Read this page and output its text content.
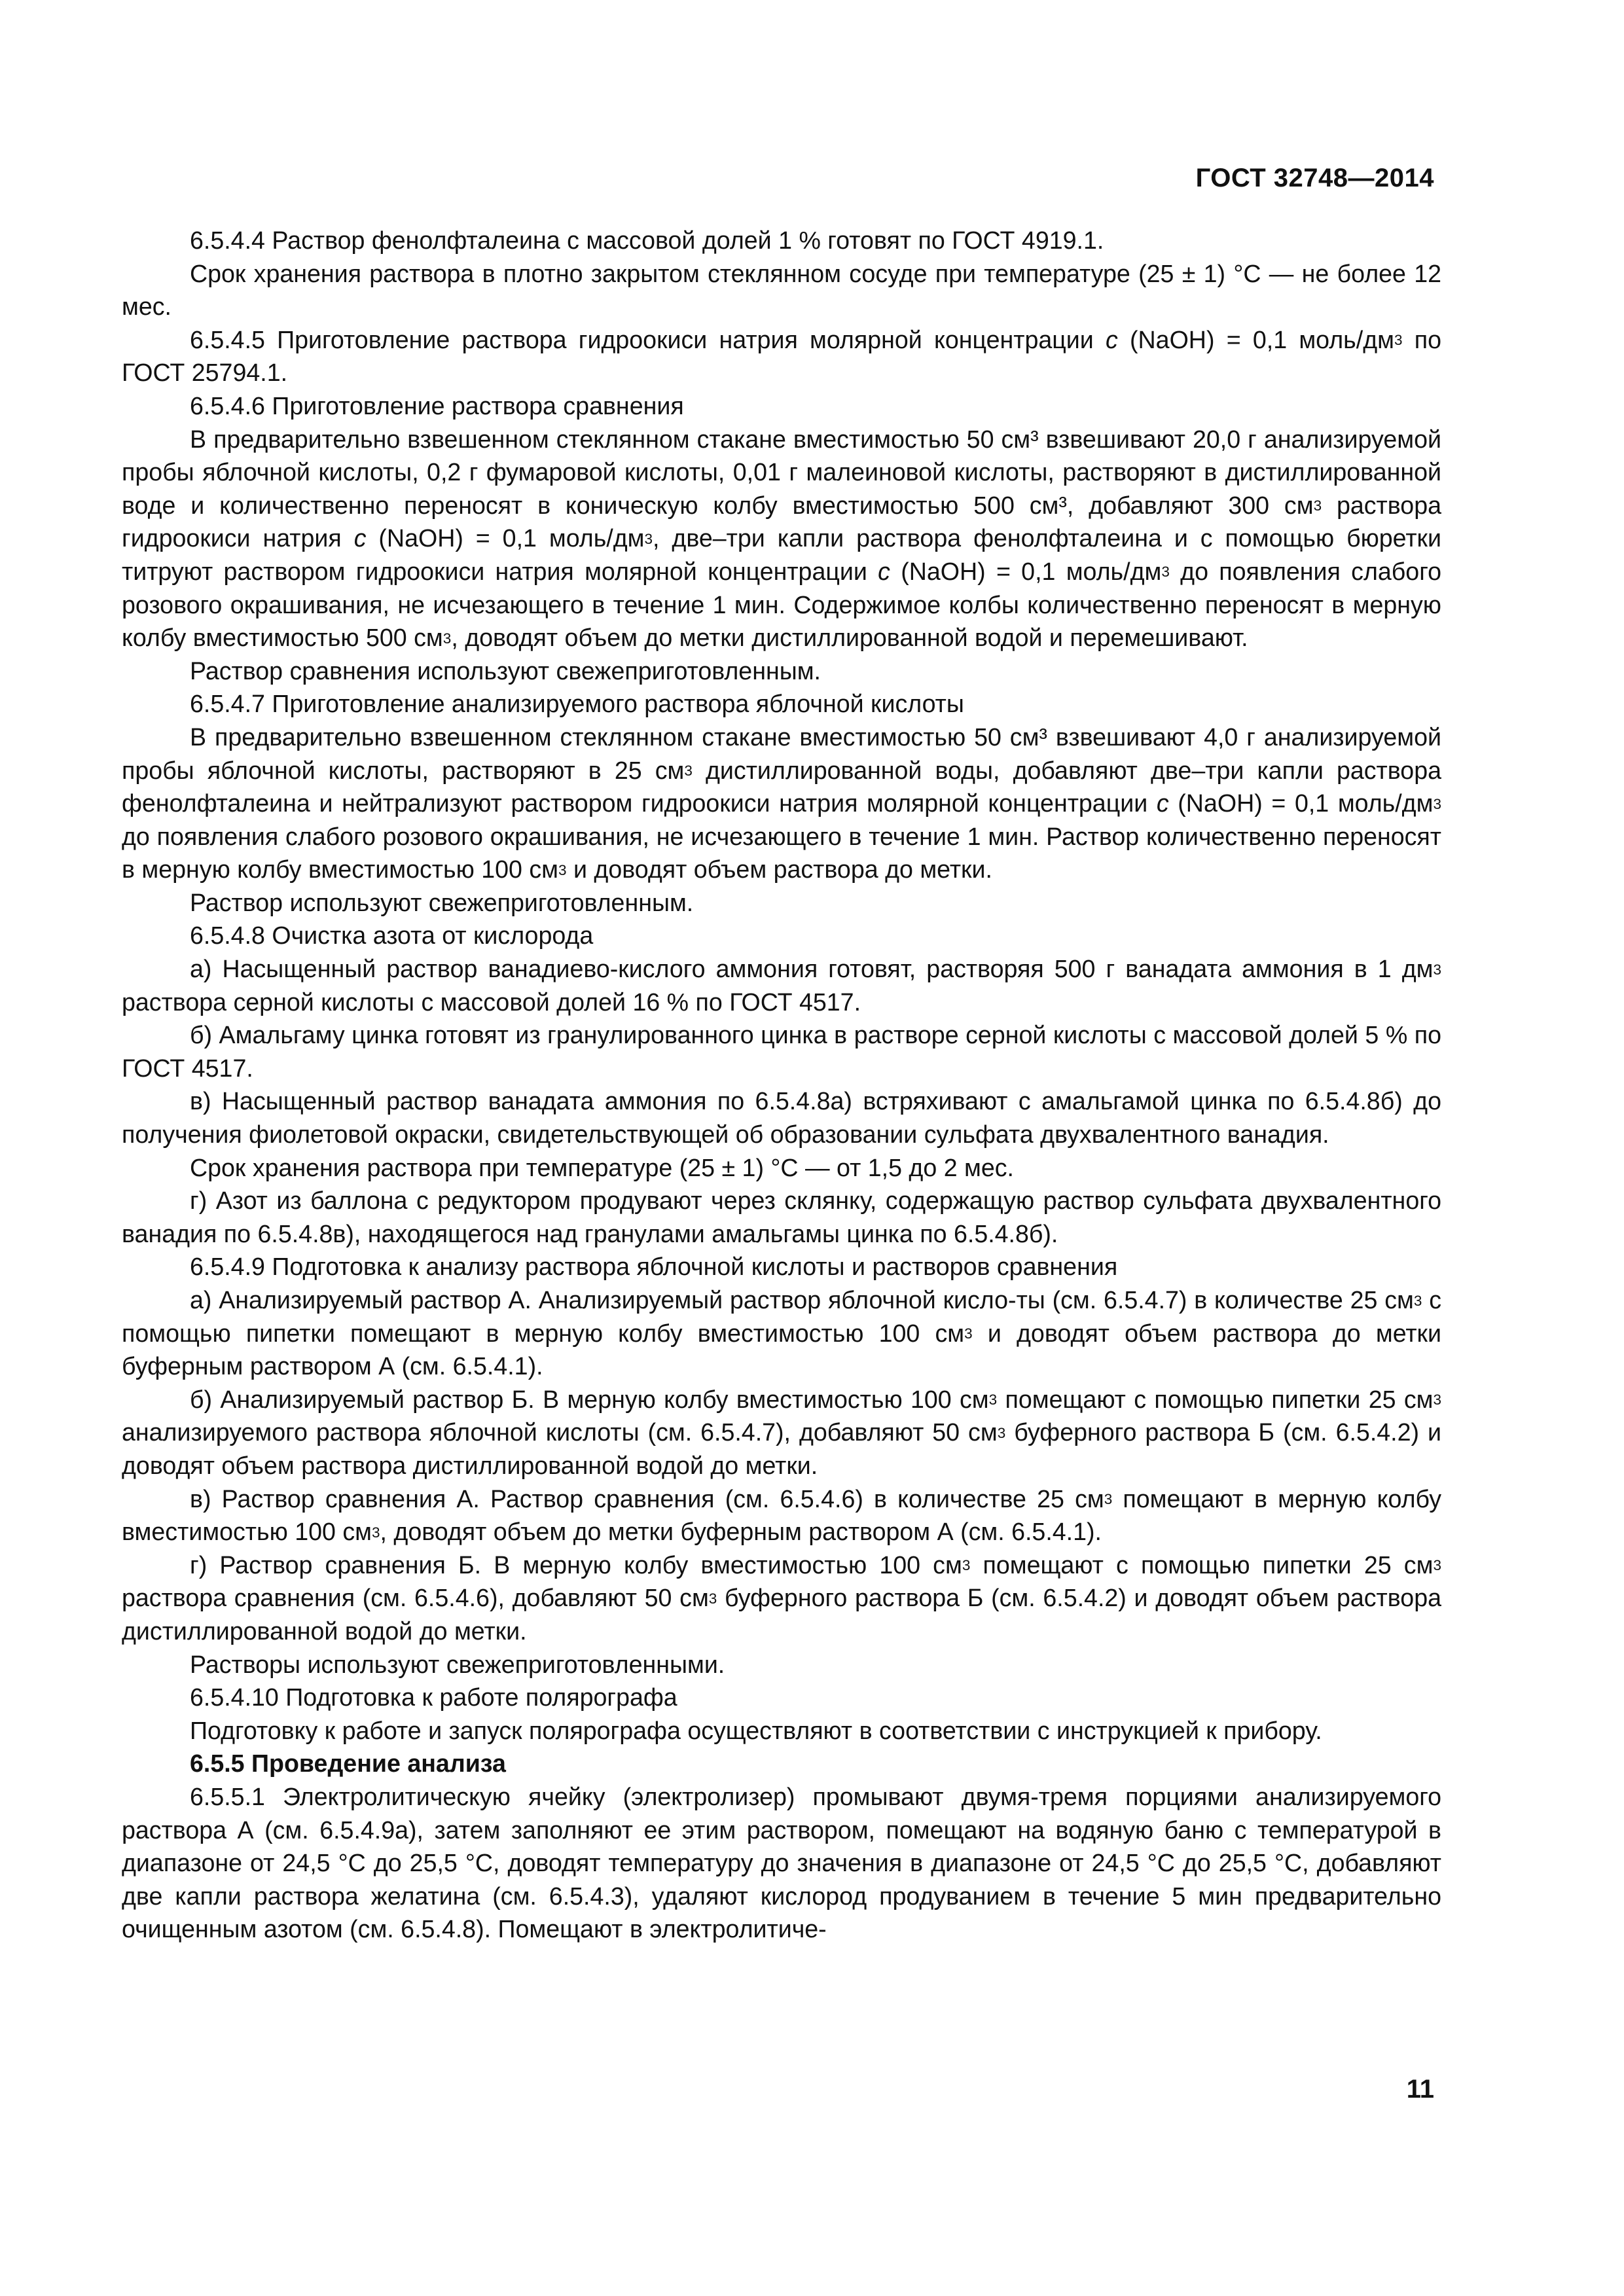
ГОСТ 32748—2014

6.5.4.4 Раствор фенолфталеина с массовой долей 1 % готовят по ГОСТ 4919.1.

Срок хранения раствора в плотно закрытом стеклянном сосуде при температуре (25 ± 1) °С — не более 12 мес.

6.5.4.5 Приготовление раствора гидроокиси натрия молярной концентрации с (NaOH) = 0,1 моль/$дм^3$ по ГОСТ 25794.1.

6.5.4.6 Приготовление раствора сравнения

В предварительно взвешенном стеклянном стакане вместимостью 50 см³ взвешивают 20,0 г анализируемой пробы яблочной кислоты, 0,2 г фумаровой кислоты, 0,01 г малеиновой кислоты, растворяют в дистиллированной воде и количественно переносят в коническую колбу вместимостью 500 см³, добавляют 300 $см^3$ раствора гидроокиси натрия с (NaOH) = 0,1 моль/$дм^3$, две–три капли раствора фенолфталеина и с помощью бюретки титруют раствором гидроокиси натрия молярной концентрации с (NaOH) = 0,1 моль/$дм^3$ до появления слабого розового окрашивания, не исчезающего в течение 1 мин. Содержимое колбы количественно переносят в мерную колбу вместимостью 500 $см^3$, доводят объем до метки дистиллированной водой и перемешивают.

Раствор сравнения используют свежеприготовленным.

6.5.4.7 Приготовление анализируемого раствора яблочной кислоты

В предварительно взвешенном стеклянном стакане вместимостью 50 см³ взвешивают 4,0 г анализируемой пробы яблочной кислоты, растворяют в 25 $см^3$ дистиллированной воды, добавляют две–три капли раствора фенолфталеина и нейтрализуют раствором гидроокиси натрия молярной концентрации с (NaOH) = 0,1 моль/$дм^3$ до появления слабого розового окрашивания, не исчезающего в течение 1 мин. Раствор количественно переносят в мерную колбу вместимостью 100 $см^3$ и доводят объем раствора до метки.

Раствор используют свежеприготовленным.

6.5.4.8 Очистка азота от кислорода

а) Насыщенный раствор ванадиево-кислого аммония готовят, растворяя 500 г ванадата аммония в 1 $дм^3$ раствора серной кислоты с массовой долей 16 % по ГОСТ 4517.

б) Амальгаму цинка готовят из гранулированного цинка в растворе серной кислоты с массовой долей 5 % по ГОСТ 4517.

в) Насыщенный раствор ванадата аммония по 6.5.4.8а) встряхивают с амальгамой цинка по 6.5.4.8б) до получения фиолетовой окраски, свидетельствующей об образовании сульфата двухвалентного ванадия.

Срок хранения раствора при температуре (25 ± 1) °С — от 1,5 до 2 мес.

г) Азот из баллона с редуктором продувают через склянку, содержащую раствор сульфата двухвалентного ванадия по 6.5.4.8в), находящегося над гранулами амальгамы цинка по 6.5.4.8б).

6.5.4.9 Подготовка к анализу раствора яблочной кислоты и растворов сравнения

а) Анализируемый раствор А. Анализируемый раствор яблочной кисло-ты (см. 6.5.4.7) в количестве 25 $см^3$ с помощью пипетки помещают в мерную колбу вместимостью 100 $см^3$ и доводят объем раствора до метки буферным раствором А (см. 6.5.4.1).

б) Анализируемый раствор Б. В мерную колбу вместимостью 100 $см^3$ помещают с помощью пипетки 25 $см^3$ анализируемого раствора яблочной кислоты (см. 6.5.4.7), добавляют 50 $см^3$ буферного раствора Б (см. 6.5.4.2) и доводят объем раствора дистиллированной водой до метки.

в) Раствор сравнения А. Раствор сравнения (см. 6.5.4.6) в количестве 25 $см^3$ помещают в мерную колбу вместимостью 100 $см^3$, доводят объем до метки буферным раствором А (см. 6.5.4.1).

г) Раствор сравнения Б. В мерную колбу вместимостью 100 $см^3$ помещают с помощью пипетки 25 $см^3$ раствора сравнения (см. 6.5.4.6), добавляют 50 $см^3$ буферного раствора Б (см. 6.5.4.2) и доводят объем раствора дистиллированной водой до метки.

Растворы используют свежеприготовленными.

6.5.4.10 Подготовка к работе полярографа

Подготовку к работе и запуск полярографа осуществляют в соответствии с инструкцией к прибору.

6.5.5 Проведение анализа

6.5.5.1 Электролитическую ячейку (электролизер) промывают двумя-тремя порциями анализируемого раствора А (см. 6.5.4.9а), затем заполняют ее этим раствором, помещают на водяную баню с температурой в диапазоне от 24,5 °С до 25,5 °С, доводят температуру до значения в диапазоне от 24,5 °С до 25,5 °С, добавляют две капли раствора желатина (см. 6.5.4.3), удаляют кислород продуванием в течение 5 мин предварительно очищенным азотом (см. 6.5.4.8). Помещают в электролитиче-

11
